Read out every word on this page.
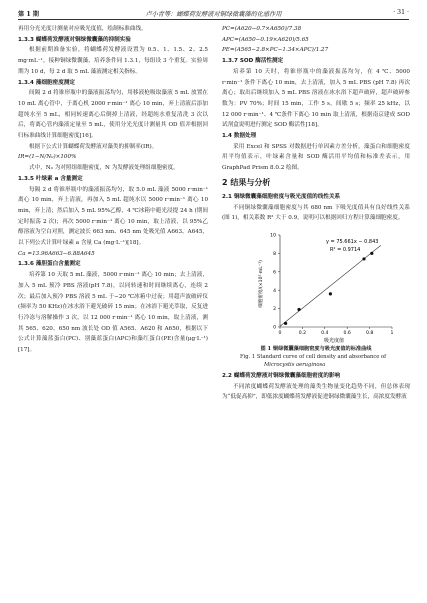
第 1 期	卢小青等：蝴蝶荷发酵液对铜绿微囊藻的化感作用	· 31 ·

再用分光光度计测量对应吸光度值，绘制标准曲线。

1.3.3 蝴蝶荷发酵液对铜绿微囊藻的抑制实验

根据前期准备实验，将蝴蝶荷发酵液设置为 0.5、1、1.5、2、2.5 mg·mL⁻¹，接种铜绿微囊藻，培养条件同 1.3.1，每组设 3 个重复。实验周期为 10 d，每 2 d 取 5 mL 藻液测定相关指标。

1.3.4 藻细胞密度测定

间隔 2 d 将锥形瓶中的藻液振荡均匀，用移液枪吸取藻液 5 mL 放置在 10 mL 离心管中，于离心机 2000 r·min⁻¹ 离心 10 min，弃上清液后添加超纯水至 5 mL，相同转速离心后倒掉上清液，经超纯水重复清洗 3 次以后，将离心管内藻液定量至 5 mL，使用分光光度计测量其 OD 值并根据回归标准曲线计算细胞密度[16]。

根据下公式计算蝴蝶荷发酵液对藻类的抑制率(IR)。

IR=(1−N/N₀)×100%

式中，N₀ 为对照组细胞密度，N 为发酵液处理组细胞密度。

1.3.5 叶绿素 a 含量测定

每隔 2 d 将锥形瓶中的藻液振荡均匀，取 5.0 mL 藻液 5000 r·min⁻¹ 离心 10 min，弃上清液，再加入 5 mL 超纯水以 5000 r·min⁻¹ 离心 10 min，弃上清；然后加入 5 mL 95%乙醇，4 ℃冰箱中避光浸提 24 h (期间定时振荡 2 次)；再次 5000 r·min⁻¹ 离心 10 min，取上清液，以 95%乙醇溶液为空白对照，测定波长 663 nm、645 nm 处吸光值 A663、A645，以下列公式计算叶绿素 a 含量 Ca (mg·L⁻¹)[18]。

Ca =13.96A663−6.88A645

1.3.6 藻胆蛋白含量测定

培养第 10 天取 5 mL 藻液，5000 r·min⁻¹ 离心 10 min；去上清液，加入 5 mL 预冷 PBS 溶液(pH 7.8)，以同转速和时间继续离心，连续 2 次；最后加入预冷 PBS 溶液 5 mL 于−20 ℃冰箱中过夜；用超声波破碎仪(频率为 50 KHz)在冰水浴下避光破碎 15 min；在冰浴下避光萃取，反复进行冷冻与溶解操作 3 次，以 12 000 r·min⁻¹ 离心 10 min，取上清液，测其 565、620、650 nm 波长处 OD 值 A565、A620 和 A650，根据以下公式计算藻蓝蛋白(PC)、别藻蓝蛋白(APC)和藻红蛋白(PE)含量(μg·L⁻¹)[17]。

PC=(A620−0.7×A650)/7.38

APC=(A650−0.19×A620)/5.65

PE=(A565−2.8×PC−1.34×APC)/1.27

1.3.7 SOD 酶活性测定

培养第 10 天时，将锥形瓶中的藻液振荡均匀，在 4 ℃、5000 r·min⁻¹ 条件下离心 10 min，去上清液，加入 5 mL PBS (pH 7.8) 再次离心；取出后继续加入 5 mL PBS 溶液在冰水浴下超声破碎，超声破碎参数为：PV 70%；时间 15 min，工作 5 s，间歇 5 s；频率 25 kHz，以 12 000 r·min⁻¹、4 ℃条件下离心 10 min 取上清液，根据南京建成 SOD 试剂盒说明进行测定 SOD 酶活性[18]。

1.4 数据处理

采用 Excel 和 SPSS 对数据进行单因素方差分析，藻蛋白和细胞密度用平均值表示，叶绿素含量和 SOD 酶活用平均值和标准差表示，用 GraphPad Prism 8.0.2 绘图。

2 结果与分析

2.1 铜绿微囊藻细胞密度与吸光度值的线性关系

不同铜绿微囊藻细胞密度与其 680 nm 下吸光度值具有良好线性关系(图 1)，相关系数 R² 大于 0.9，说明可以根据回归方程计算藻细胞密度。

0	0.2	0.4	0.6	0.8	1
0
2
4
6
8
10
y = 75.661x − 0.843
R² = 0.9714
吸光度值
细胞密度/(×10⁷·mL⁻¹)

图 1 铜绿微囊藻细胞密度与吸光度值的标准曲线

Fig. 1 Standard curve of cell density and absorbance of
Microcystis aeruginosa

2.2 蝴蝶荷发酵液对铜绿微囊藻细胞密度的影响

不同浓度蝴蝶荷发酵液处理的藻类生物量变化趋势不同，但总体表现为“低促高抑”，即低浓度蝴蝶荷发酵液促进铜绿微囊藻生长，高浓度发酵液
